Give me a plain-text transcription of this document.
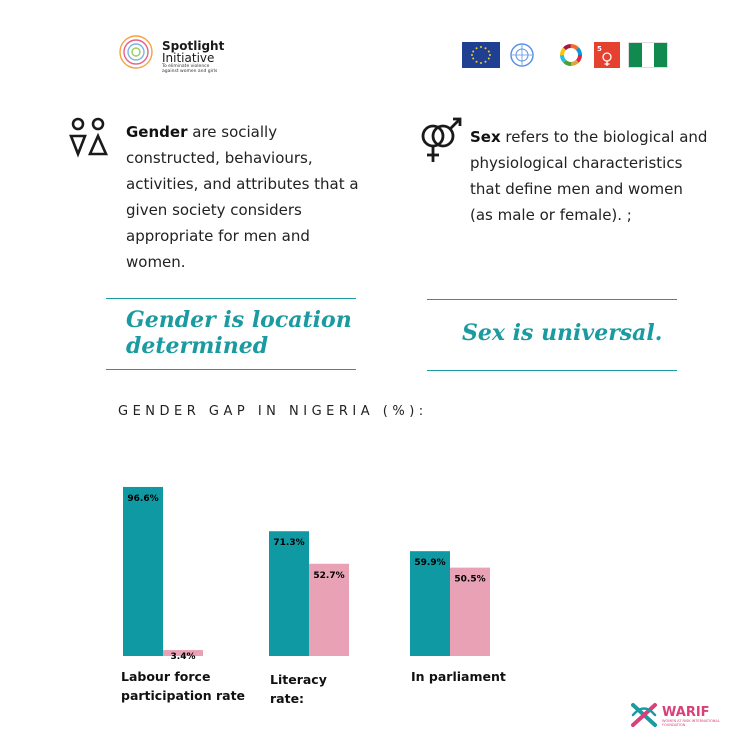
Spotlight
Initiative
To eliminate violence against women and girls
5
Gender are socially constructed, behaviours, activities, and attributes that a given society considers appropriate for men and women.
Sex refers to the biological and physiological characteristics that define men and women (as male or female). ;
Gender is location
determined	Sex is universal.
GENDER GAP IN NIGERIA (%):
96.6%
3.4%
71.3%
52.7%
59.9%
50.5%
Labour force
participation rate
Literacy
rate:
In parliament
WARIF
WOMEN AT RISK INTERNATIONAL FOUNDATION
